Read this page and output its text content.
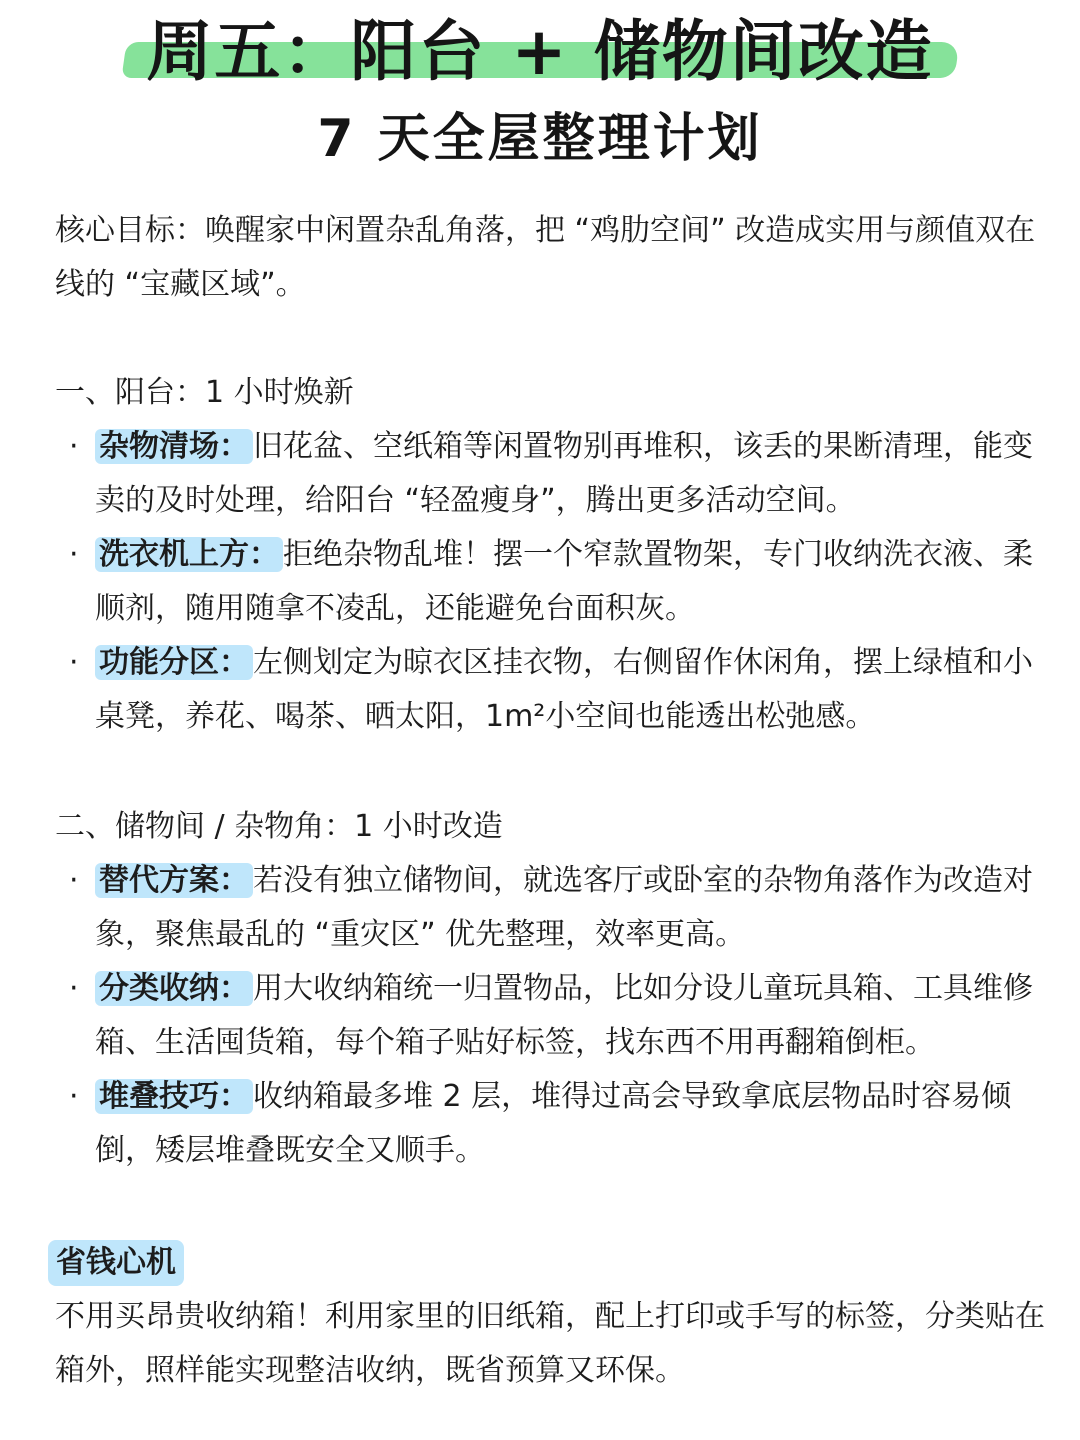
周五：阳台 + 储物间改造
7 天全屋整理计划
核心目标：唤醒家中闲置杂乱角落，把 “鸡肋空间” 改造成实用与颜值双在线的 “宝藏区域”。
一、阳台：1 小时焕新
· 杂物清场： 旧花盆、空纸箱等闲置物别再堆积，该丢的果断清理，能变卖的及时处理，给阳台 “轻盈瘦身”，腾出更多活动空间。
· 洗衣机上方： 拒绝杂物乱堆！摆一个窄款置物架，专门收纳洗衣液、柔顺剂，随用随拿不凌乱，还能避免台面积灰。
· 功能分区： 左侧划定为晾衣区挂衣物，右侧留作休闲角，摆上绿植和小桌凳，养花、喝茶、晒太阳，1m²小空间也能透出松弛感。
二、储物间 / 杂物角：1 小时改造
· 替代方案： 若没有独立储物间，就选客厅或卧室的杂物角落作为改造对象，聚焦最乱的 “重灾区” 优先整理，效率更高。
· 分类收纳： 用大收纳箱统一归置物品，比如分设儿童玩具箱、工具维修箱、生活囤货箱，每个箱子贴好标签，找东西不用再翻箱倒柜。
· 堆叠技巧： 收纳箱最多堆 2 层，堆得过高会导致拿底层物品时容易倾倒，矮层堆叠既安全又顺手。
省钱心机
不用买昂贵收纳箱！利用家里的旧纸箱，配上打印或手写的标签，分类贴在箱外，照样能实现整洁收纳，既省预算又环保。
